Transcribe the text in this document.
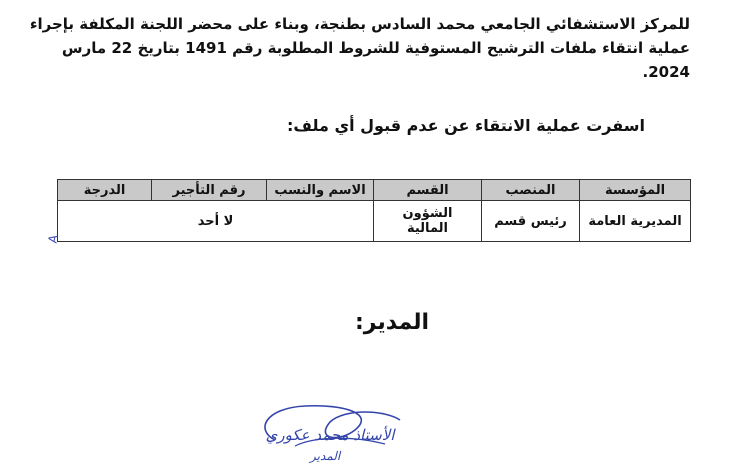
للمركز الاستشفائي الجامعي محمد السادس بطنجة، وبناء على محضر اللجنة المكلفة بإجراء
عملية انتقاء ملفات الترشيح المستوفية للشروط المطلوبة رقم 1491 بتاريخ 22 مارس
2024.
اسفرت عملية الانتقاء عن عدم قبول أي ملف:
المؤسسة	المنصب	القسم	الاسم والنسب	رقم التأجير	الدرجة
المديرية العامة	رئيس قسم	الشؤون المالية	لا أحد		
A
المدير:
الأستاذ محمد عكوري
المدير
